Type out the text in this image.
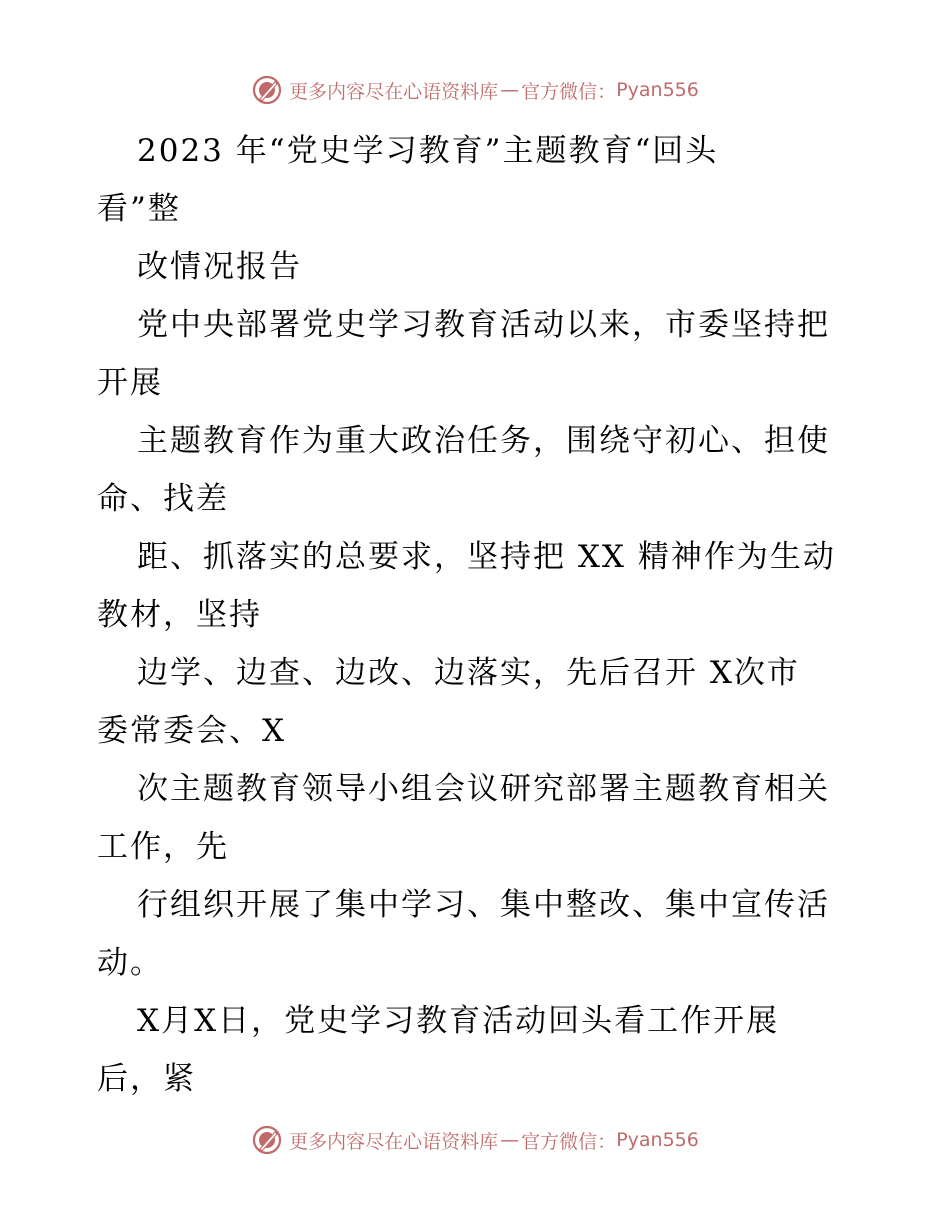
更多内容尽在心语资料库 — 官方微信： Pyan556
2023 年“党史学习教育”主题教育“回头
看”整
改情况报告
党中央部署党史学习教育活动以来，市委坚持把
开展
主题教育作为重大政治任务，围绕守初心、担使
命、找差
距、抓落实的总要求，坚持把 XX 精神作为生动
教材，坚持
边学、边查、边改、边落实，先后召开 X次市
委常委会、X
次主题教育领导小组会议研究部署主题教育相关
工作，先
行组织开展了集中学习、集中整改、集中宣传活
动。
X月X日，党史学习教育活动回头看工作开展
后，紧
更多内容尽在心语资料库 — 官方微信： Pyan556
